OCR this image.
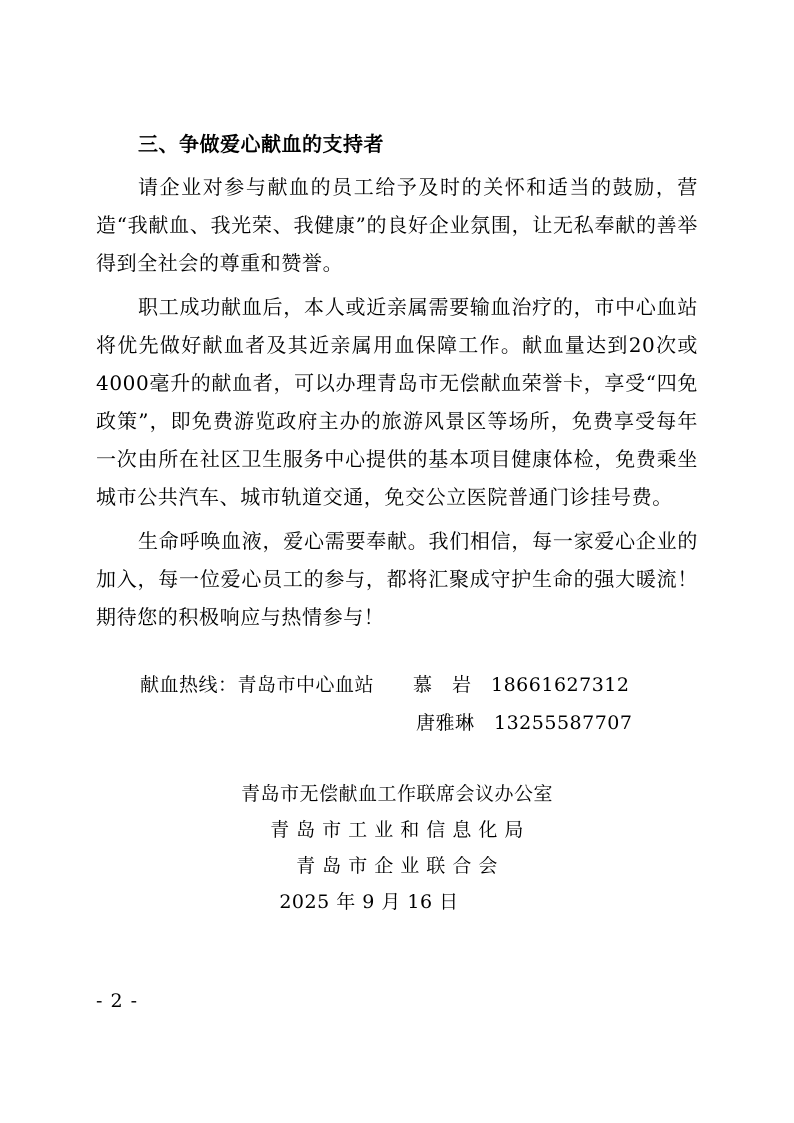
三、争做爱心献血的支持者

请企业对参与献血的员工给予及时的关怀和适当的鼓励，营造“我献血、我光荣、我健康”的良好企业氛围，让无私奉献的善举得到全社会的尊重和赞誉。

职工成功献血后，本人或近亲属需要输血治疗的，市中心血站将优先做好献血者及其近亲属用血保障工作。献血量达到20次或4000毫升的献血者，可以办理青岛市无偿献血荣誉卡，享受“四免政策”，即免费游览政府主办的旅游风景区等场所，免费享受每年一次由所在社区卫生服务中心提供的基本项目健康体检，免费乘坐城市公共汽车、城市轨道交通，免交公立医院普通门诊挂号费。

生命呼唤血液，爱心需要奉献。我们相信，每一家爱心企业的加入，每一位爱心员工的参与，都将汇聚成守护生命的强大暖流！期待您的积极响应与热情参与！

献血热线：青岛市中心血站　　慕　岩　18661627312
唐雅琳　13255587707
青岛市无偿献血工作联席会议办公室
青 岛 市 工 业 和 信 息 化 局
青 岛 市 企 业 联 合 会
2025 年 9 月 16 日
- 2 -
